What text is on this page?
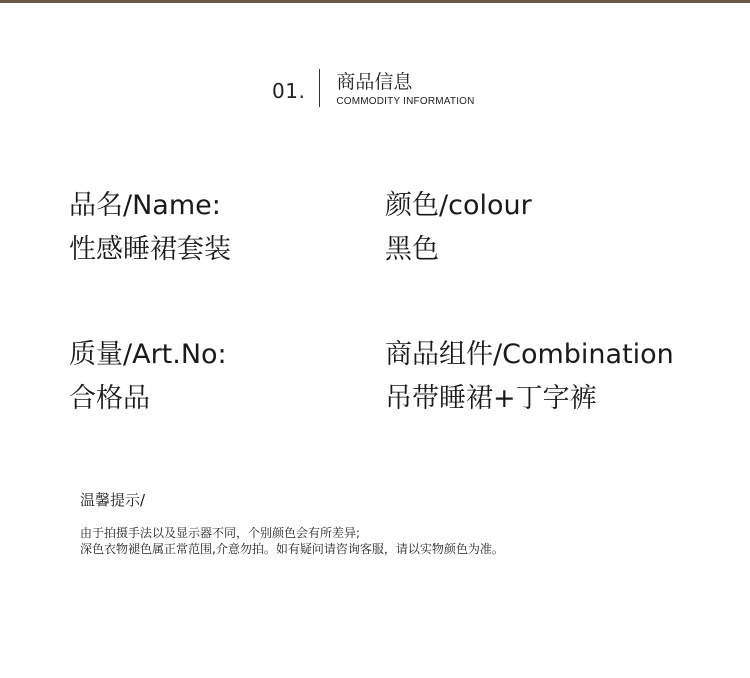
01. 商品信息
COMMODITY INFORMATION
品名/Name:
性感睡裙套装
颜色/colour
黑色
质量/Art.No:
合格品
商品组件/Combination
吊带睡裙+丁字裤
温馨提示/
由于拍摄手法以及显示器不同，个别颜色会有所差异;
深色衣物褪色属正常范围,介意勿拍。如有疑问请咨询客服，请以实物颜色为准。
